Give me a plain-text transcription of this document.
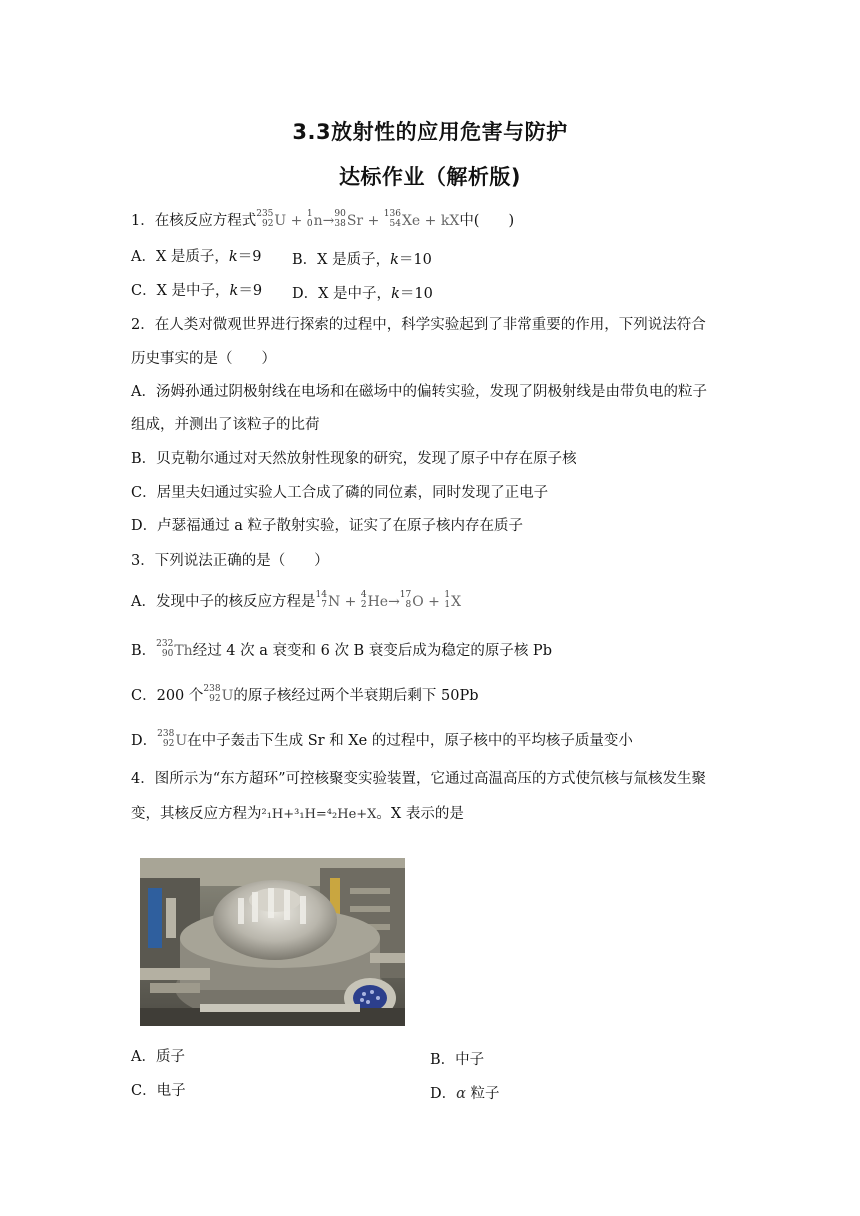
3.3放射性的应用危害与防护
达标作业（解析版)
1．在核反应方程式 235
92 U + 1
0 n→ 90
38 Sr + 136
54 Xe + kX中(　　)
A．X 是质子，k＝9 B．X 是质子，k＝10
C．X 是中子，k＝9 D．X 是中子，k＝10
2．在人类对微观世界进行探索的过程中，科学实验起到了非常重要的作用，下列说法符合
历史事实的是（　　）
A．汤姆孙通过阴极射线在电场和在磁场中的偏转实验，发现了阴极射线是由带负电的粒子
组成，并测出了该粒子的比荷
B．贝克勒尔通过对天然放射性现象的研究，发现了原子中存在原子核
C．居里夫妇通过实验人工合成了磷的同位素，同时发现了正电子
D．卢瑟福通过 a 粒子散射实验，证实了在原子核内存在质子
3．下列说法正确的是（　　）
A．发现中子的核反应方程是 14
7 N + 4
2 He→ 17
8 O + 1
1 X
B． 232
90 Th经过 4 次 a 衰变和 6 次 B 衰变后成为稳定的原子核 Pb
C．200 个 238
92 U的原子核经过两个半衰期后剩下 50Pb
D． 238
92 U在中子轰击下生成 Sr 和 Xe 的过程中，原子核中的平均核子质量变小
4．图所示为“东方超环”可控核聚变实验装置，它通过高温高压的方式使氘核与氚核发生聚
变，其核反应方程为²₁H+³₁H=⁴₂He+X。X 表示的是
A．质子	B．中子
C．电子	D．α 粒子
